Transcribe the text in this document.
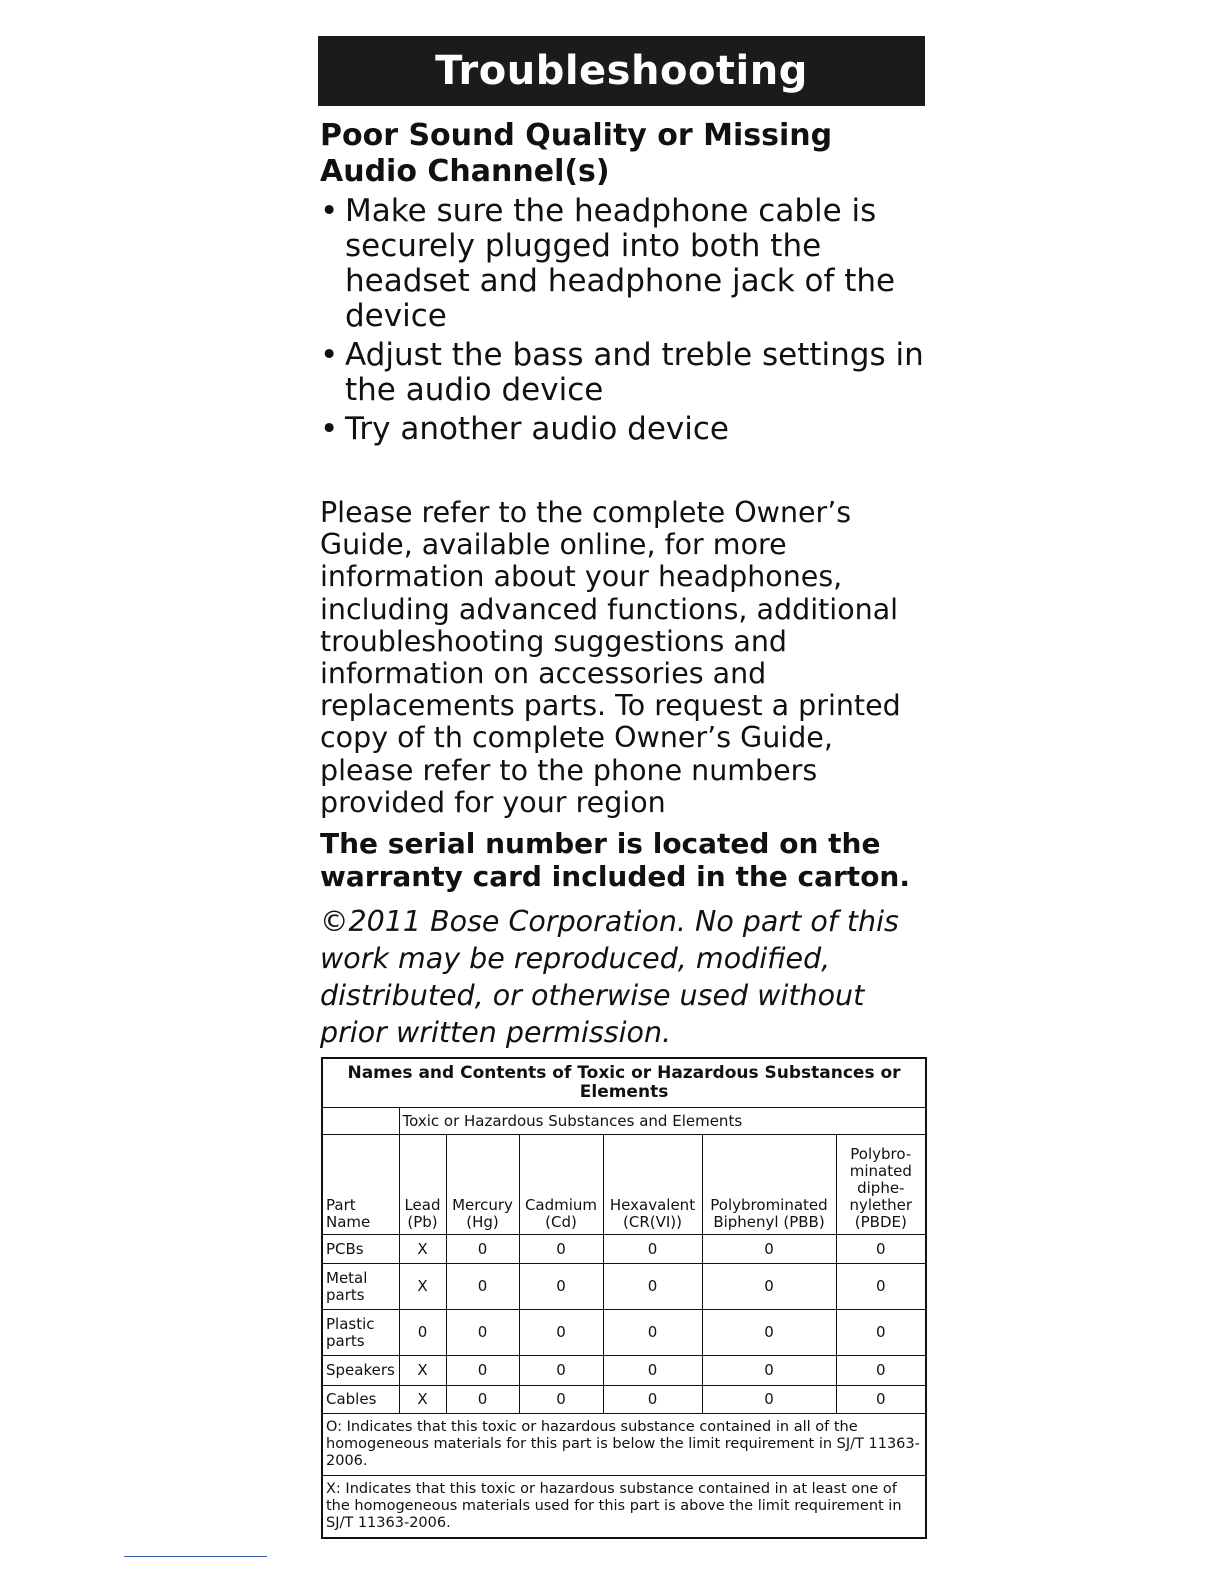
Troubleshooting
Poor Sound Quality or Missing Audio Channel(s)
• Make sure the headphone cable is securely plugged into both the headset and headphone jack of the device
• Adjust the bass and treble settings in the audio device
• Try another audio device

Please refer to the complete Owner’s Guide, available online, for more information about your headphones, including advanced functions, additional troubleshooting suggestions and information on accessories and replacements parts. To request a printed copy of th complete Owner’s Guide, please refer to the phone numbers provided for your region

The serial number is located on the warranty card included in the carton.

©2011 Bose Corporation. No part of this work may be reproduced, modified, distributed, or otherwise used without prior written permission.

Names and Contents of Toxic or Hazardous Substances or Elements						
	Toxic or Hazardous Substances and Elements					
Part Name	Lead (Pb)	Mercury (Hg)	Cadmium (Cd)	Hexavalent (CR(VI))	Polybrominated Biphenyl (PBB)	Polybro-minated diphe-nylether (PBDE)
PCBs	X	0	0	0	0	0
Metal parts	X	0	0	0	0	0
Plastic parts	0	0	0	0	0	0
Speakers	X	0	0	0	0	0
Cables	X	0	0	0	0	0
O: Indicates that this toxic or hazardous substance contained in all of the homogeneous materials for this part is below the limit requirement in SJ/T 11363-2006.						
X: Indicates that this toxic or hazardous substance contained in at least one of the homogeneous materials used for this part is above the limit requirement in SJ/T 11363-2006.						
